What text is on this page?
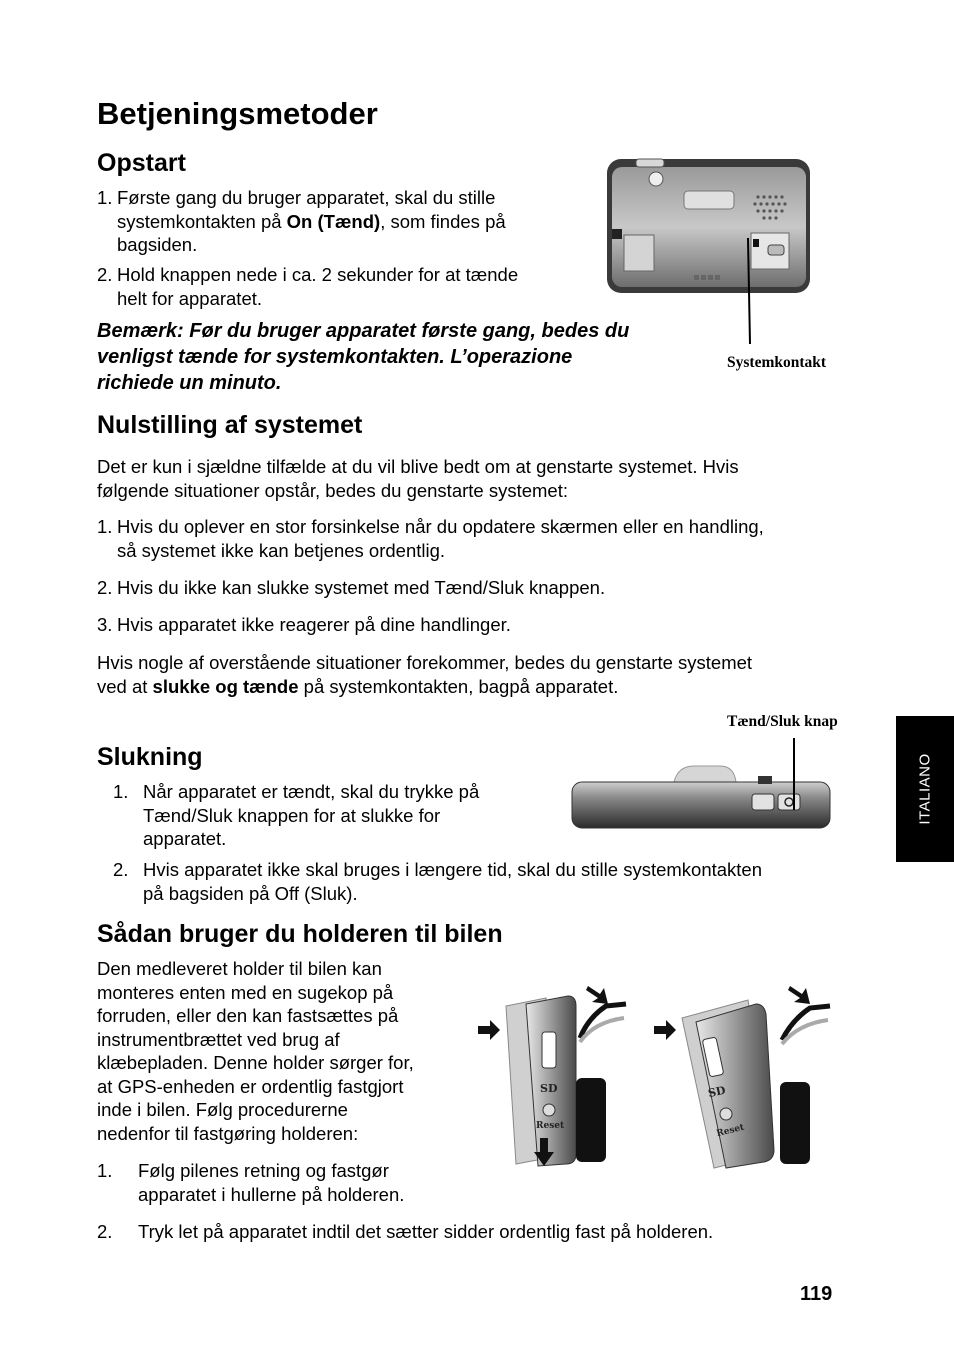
Betjeningsmetoder
Opstart
1. Første gang du bruger apparatet, skal du stille
systemkontakten på On (Tænd), som findes på
bagsiden.
2. Hold knappen nede i ca. 2 sekunder for at tænde
helt for apparatet.
Bemærk: Før du bruger apparatet første gang, bedes du
venligst tænde for systemkontakten. L’operazione
richiede un minuto.
Systemkontakt
Nulstilling af systemet
Det er kun i sjældne tilfælde at du vil blive bedt om at genstarte systemet. Hvis
følgende situationer opstår, bedes du genstarte systemet:
1. Hvis du oplever en stor forsinkelse når du opdatere skærmen eller en handling,
så systemet ikke kan betjenes ordentlig.
2. Hvis du ikke kan slukke systemet med Tænd/Sluk knappen.
3. Hvis apparatet ikke reagerer på dine handlinger.
Hvis nogle af overstående situationer forekommer, bedes du genstarte systemet
ved at slukke og tænde på systemkontakten, bagpå apparatet.
Tænd/Sluk knap
Slukning
1. Når apparatet er tændt, skal du trykke på
Tænd/Sluk knappen for at slukke for
apparatet.
2. Hvis apparatet ikke skal bruges i længere tid, skal du stille systemkontakten
på bagsiden på Off (Sluk).
Sådan bruger du holderen til bilen
Den medleveret holder til bilen kan
monteres enten med en sugekop på
forruden, eller den kan fastsættes på
instrumentbrættet ved brug af
klæbepladen. Denne holder sørger for,
at GPS-enheden er ordentlig fastgjort
inde i bilen. Følg procedurerne
nedenfor til fastgøring holderen:
1.	Følg pilenes retning og fastgør
apparatet i hullerne på holderen.
2.	Tryk let på apparatet indtil det sætter sidder ordentlig fast på holderen.
SD
Reset
SD
Reset
ITALIANO
119
